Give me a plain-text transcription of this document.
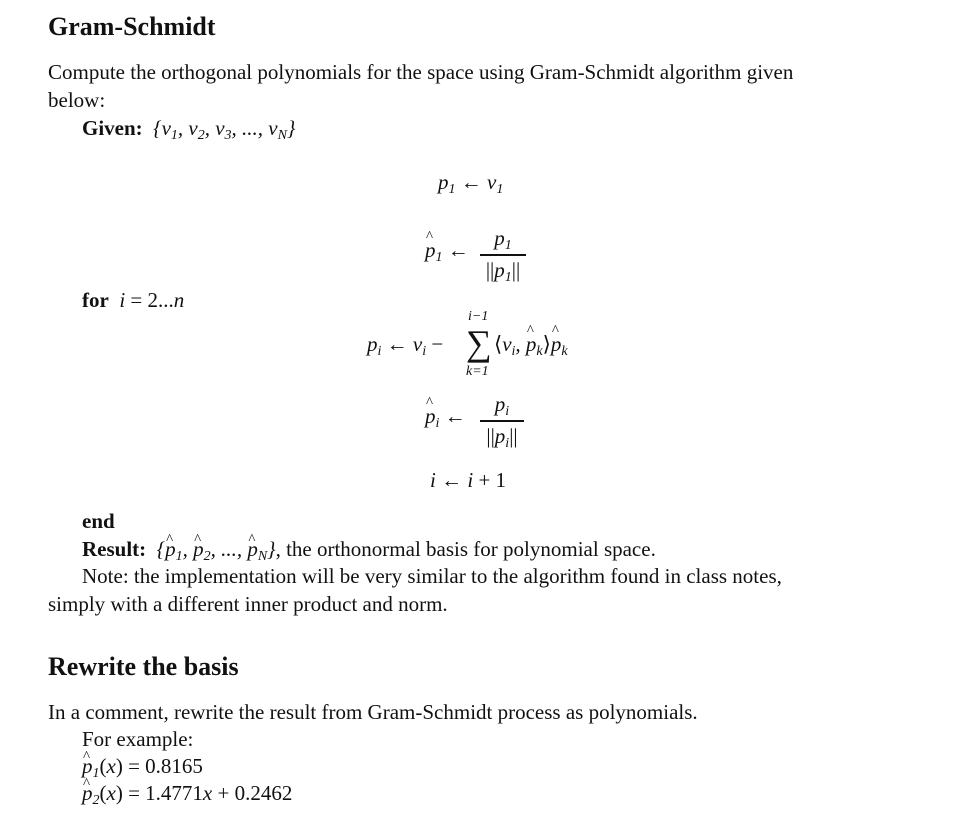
Gram-Schmidt
Compute the orthogonal polynomials for the space using Gram-Schmidt algorithm given
below:
Given:  {$v_1$, $v_2$, $v_3$, ..., $v_N$}
$p_1$ ← $v_1$
^ $p_1$ ←	$p_1$
$||p_1||$
for  i = 2...n
$p_i$ ← $v_i$ −
i−1
∑
k=1
$⟨v_i$, ^ $p_k⟩\^{}$ $p_k$
^ $p_i$ ←	$p_i$
$||p_i||$
i ← i + 1
end
Result:  {^ $p_1$, ^ $p_2$, ..., ^ $p_N$}, the orthonormal basis for polynomial space.
Note: the implementation will be very similar to the algorithm found in class notes,
simply with a different inner product and norm.
Rewrite the basis
In a comment, rewrite the result from Gram-Schmidt process as polynomials.
For example:
^ $p_1(x) = 0.8165$
^ $p_2(x) = 1.4771x + 0.2462$
